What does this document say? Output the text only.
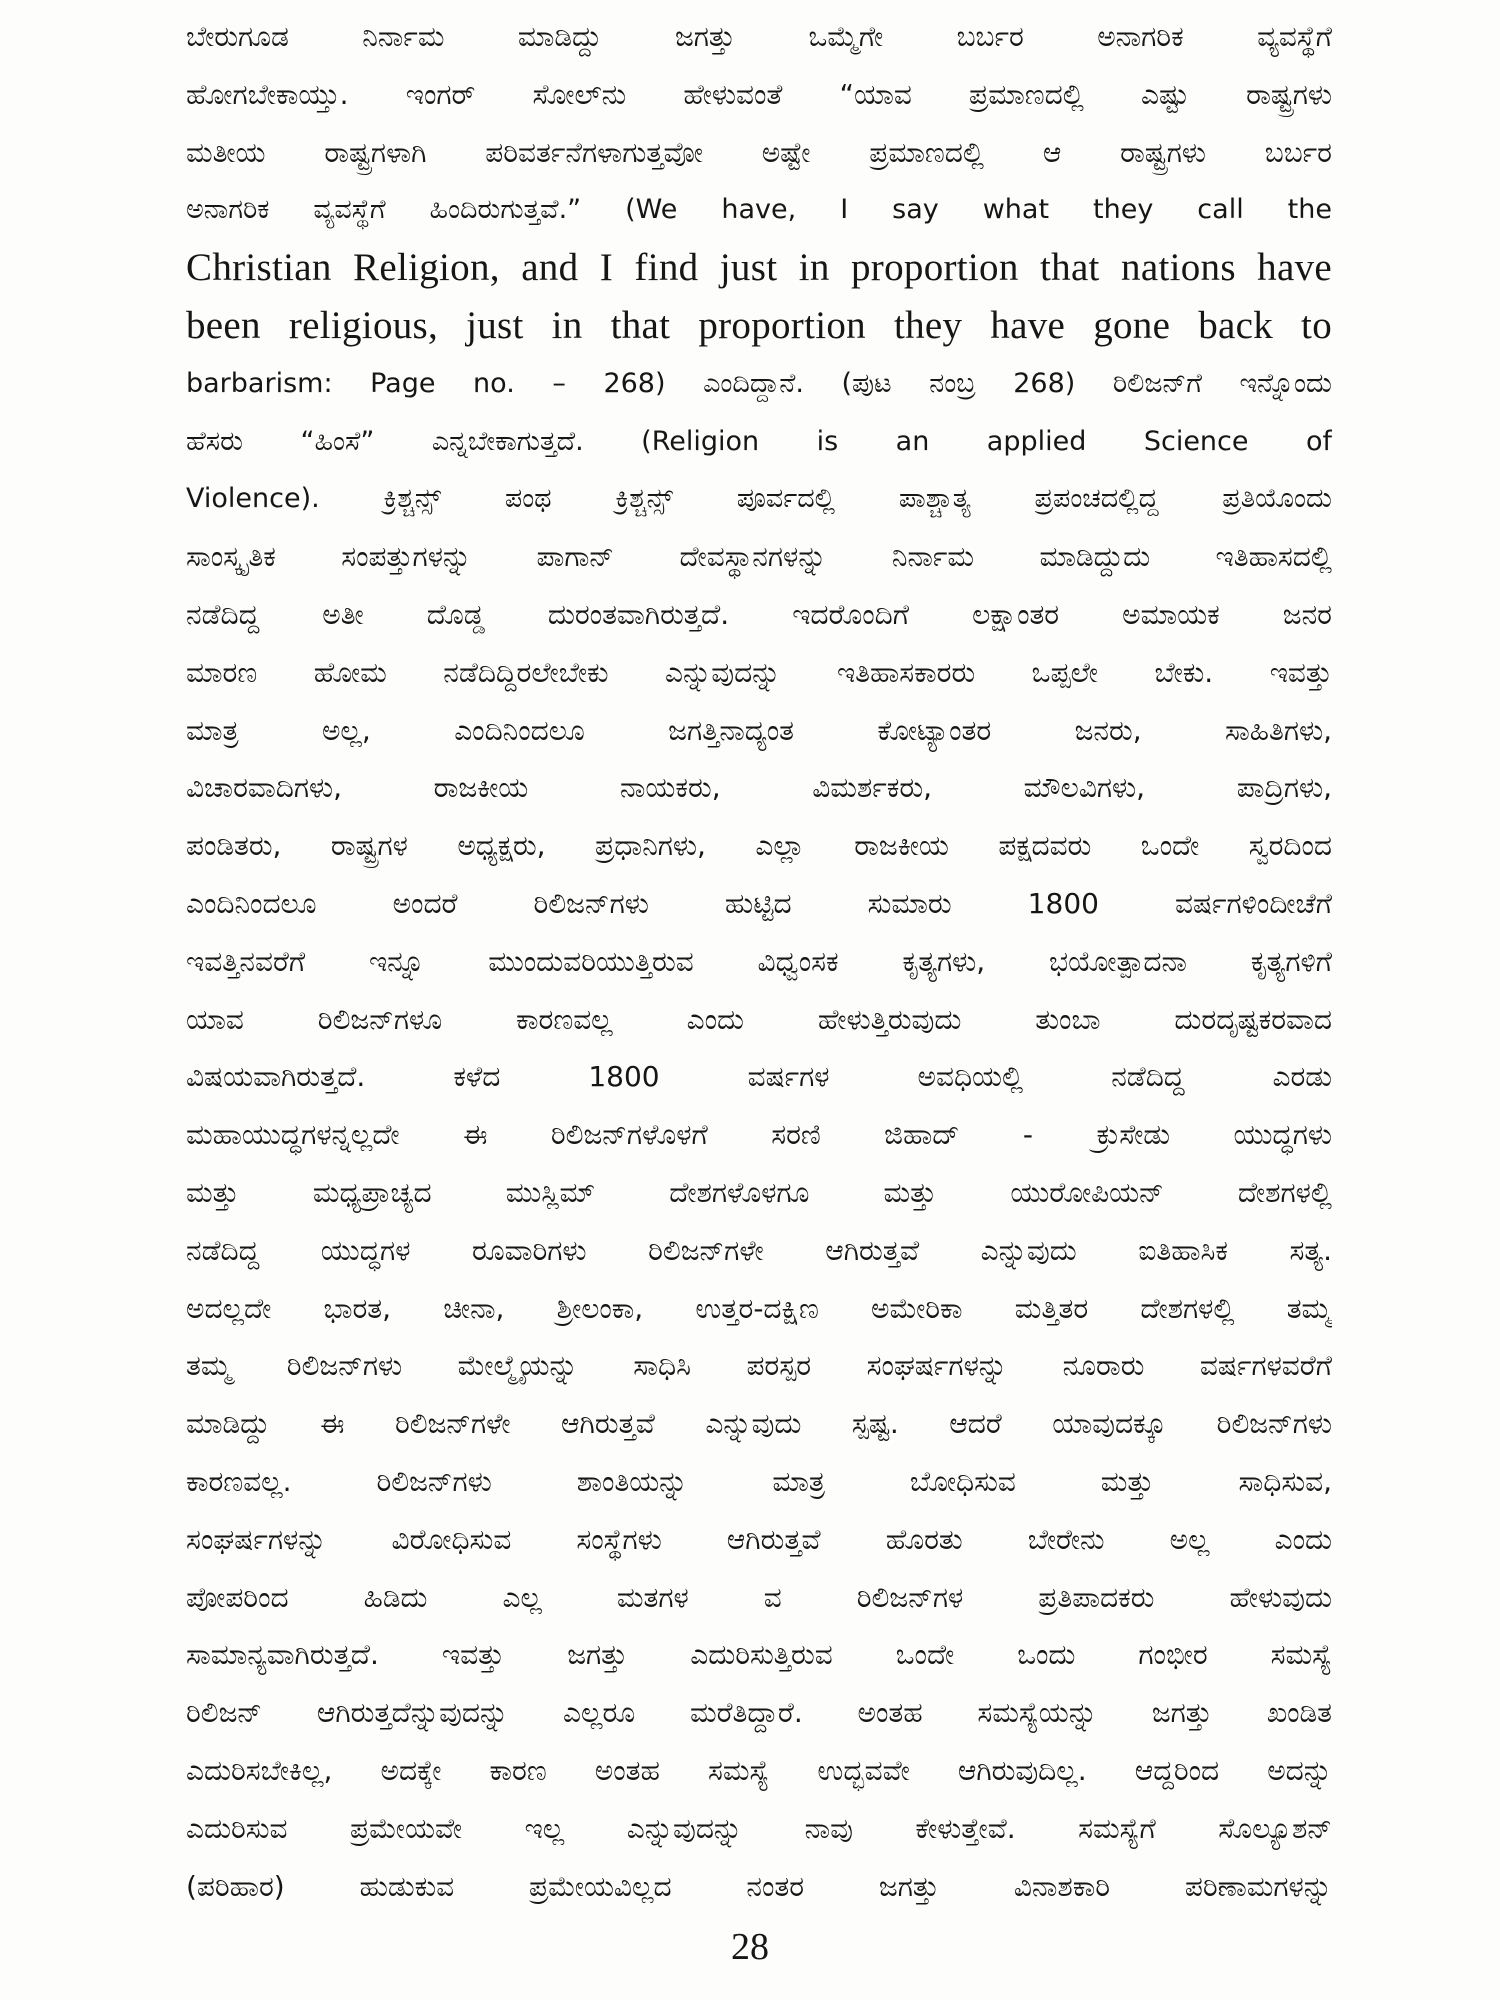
ಬೇರುಗೂಡ ನಿರ್ನಾಮ ಮಾಡಿದ್ದು ಜಗತ್ತು ಒಮ್ಮೆಗೇ ಬರ್ಬರ ಅನಾಗರಿಕ ವ್ಯವಸ್ಥೆಗೆ
ಹೋಗಬೇಕಾಯ್ತು. ಇಂಗರ್ ಸೋಲ್‌ನು ಹೇಳುವಂತೆ “ಯಾವ ಪ್ರಮಾಣದಲ್ಲಿ ಎಷ್ಟು ರಾಷ್ಟ್ರಗಳು
ಮತೀಯ ರಾಷ್ಟ್ರಗಳಾಗಿ ಪರಿವರ್ತನೆಗಳಾಗುತ್ತವೋ ಅಷ್ಟೇ ಪ್ರಮಾಣದಲ್ಲಿ ಆ ರಾಷ್ಟ್ರಗಳು ಬರ್ಬರ
ಅನಾಗರಿಕ ವ್ಯವಸ್ಥೆಗೆ ಹಿಂದಿರುಗುತ್ತವೆ.” (We have, I say what they call the
Christian Religion, and I find just in proportion that nations have
been religious, just in that proportion they have gone back to
barbarism: Page no. – 268) ಎಂದಿದ್ದಾನೆ. (ಪುಟ ನಂಬ್ರ 268) ರಿಲಿಜನ್‌ಗೆ ಇನ್ನೊಂದು
ಹೆಸರು “ಹಿಂಸೆ” ಎನ್ನಬೇಕಾಗುತ್ತದೆ. (Religion is an applied Science of
Violence). ಕ್ರಿಶ್ಚನ್ಸ್ ಪಂಥ ಕ್ರಿಶ್ಚನ್ಸ್ ಪೂರ್ವದಲ್ಲಿ ಪಾಶ್ಚಾತ್ಯ ಪ್ರಪಂಚದಲ್ಲಿದ್ದ ಪ್ರತಿಯೊಂದು
ಸಾಂಸ್ಕೃತಿಕ ಸಂಪತ್ತುಗಳನ್ನು ಪಾಗಾನ್ ದೇವಸ್ಥಾನಗಳನ್ನು ನಿರ್ನಾಮ ಮಾಡಿದ್ದುದು ಇತಿಹಾಸದಲ್ಲಿ
ನಡೆದಿದ್ದ ಅತೀ ದೊಡ್ಡ ದುರಂತವಾಗಿರುತ್ತದೆ. ಇದರೊಂದಿಗೆ ಲಕ್ಷಾಂತರ ಅಮಾಯಕ ಜನರ
ಮಾರಣ ಹೋಮ ನಡೆದಿದ್ದಿರಲೇಬೇಕು ಎನ್ನುವುದನ್ನು ಇತಿಹಾಸಕಾರರು ಒಪ್ಪಲೇ ಬೇಕು. ಇವತ್ತು
ಮಾತ್ರ ಅಲ್ಲ, ಎಂದಿನಿಂದಲೂ ಜಗತ್ತಿನಾದ್ಯಂತ ಕೋಟ್ಯಾಂತರ ಜನರು, ಸಾಹಿತಿಗಳು,
ವಿಚಾರವಾದಿಗಳು, ರಾಜಕೀಯ ನಾಯಕರು, ವಿಮರ್ಶಕರು, ಮೌಲವಿಗಳು, ಪಾದ್ರಿಗಳು,
ಪಂಡಿತರು, ರಾಷ್ಟ್ರಗಳ ಅಧ್ಯಕ್ಷರು, ಪ್ರಧಾನಿಗಳು, ಎಲ್ಲಾ ರಾಜಕೀಯ ಪಕ್ಷದವರು ಒಂದೇ ಸ್ವರದಿಂದ
ಎಂದಿನಿಂದಲೂ ಅಂದರೆ ರಿಲಿಜನ್‌ಗಳು ಹುಟ್ಟಿದ ಸುಮಾರು 1800 ವರ್ಷಗಳಿಂದೀಚೆಗೆ
ಇವತ್ತಿನವರೆಗೆ ಇನ್ನೂ ಮುಂದುವರಿಯುತ್ತಿರುವ ವಿಧ್ವಂಸಕ ಕೃತ್ಯಗಳು, ಭಯೋತ್ಪಾದನಾ ಕೃತ್ಯಗಳಿಗೆ
ಯಾವ ರಿಲಿಜನ್‌ಗಳೂ ಕಾರಣವಲ್ಲ ಎಂದು ಹೇಳುತ್ತಿರುವುದು ತುಂಬಾ ದುರದೃಷ್ಟಕರವಾದ
ವಿಷಯವಾಗಿರುತ್ತದೆ. ಕಳೆದ 1800 ವರ್ಷಗಳ ಅವಧಿಯಲ್ಲಿ ನಡೆದಿದ್ದ ಎರಡು
ಮಹಾಯುದ್ಧಗಳನ್ನಲ್ಲದೇ ಈ ರಿಲಿಜನ್‌ಗಳೊಳಗೆ ಸರಣಿ ಜಿಹಾದ್ - ಕ್ರುಸೇಡು ಯುದ್ಧಗಳು
ಮತ್ತು ಮಧ್ಯಪ್ರಾಚ್ಯದ ಮುಸ್ಲಿಮ್ ದೇಶಗಳೊಳಗೂ ಮತ್ತು ಯುರೋಪಿಯನ್ ದೇಶಗಳಲ್ಲಿ
ನಡೆದಿದ್ದ ಯುದ್ಧಗಳ ರೂವಾರಿಗಳು ರಿಲಿಜನ್‌ಗಳೇ ಆಗಿರುತ್ತವೆ ಎನ್ನುವುದು ಐತಿಹಾಸಿಕ ಸತ್ಯ.
ಅದಲ್ಲದೇ ಭಾರತ, ಚೀನಾ, ಶ್ರೀಲಂಕಾ, ಉತ್ತರ-ದಕ್ಷಿಣ ಅಮೇರಿಕಾ ಮತ್ತಿತರ ದೇಶಗಳಲ್ಲಿ ತಮ್ಮ
ತಮ್ಮ ರಿಲಿಜನ್‌ಗಳು ಮೇಲ್ಮೈಯನ್ನು ಸಾಧಿಸಿ ಪರಸ್ಪರ ಸಂಘರ್ಷಗಳನ್ನು ನೂರಾರು ವರ್ಷಗಳವರೆಗೆ
ಮಾಡಿದ್ದು ಈ ರಿಲಿಜನ್‌ಗಳೇ ಆಗಿರುತ್ತವೆ ಎನ್ನುವುದು ಸ್ಪಷ್ಟ. ಆದರೆ ಯಾವುದಕ್ಕೂ ರಿಲಿಜನ್‌ಗಳು
ಕಾರಣವಲ್ಲ. ರಿಲಿಜನ್‌ಗಳು ಶಾಂತಿಯನ್ನು ಮಾತ್ರ ಬೋಧಿಸುವ ಮತ್ತು ಸಾಧಿಸುವ,
ಸಂಘರ್ಷಗಳನ್ನು ವಿರೋಧಿಸುವ ಸಂಸ್ಥೆಗಳು ಆಗಿರುತ್ತವೆ ಹೊರತು ಬೇರೇನು ಅಲ್ಲ ಎಂದು
ಪೋಪರಿಂದ ಹಿಡಿದು ಎಲ್ಲ ಮತಗಳ ವ ರಿಲಿಜನ್‌ಗಳ ಪ್ರತಿಪಾದಕರು ಹೇಳುವುದು
ಸಾಮಾನ್ಯವಾಗಿರುತ್ತದೆ. ಇವತ್ತು ಜಗತ್ತು ಎದುರಿಸುತ್ತಿರುವ ಒಂದೇ ಒಂದು ಗಂಭೀರ ಸಮಸ್ಯೆ
ರಿಲಿಜನ್ ಆಗಿರುತ್ತದೆನ್ನುವುದನ್ನು ಎಲ್ಲರೂ ಮರೆತಿದ್ದಾರೆ. ಅಂತಹ ಸಮಸ್ಯೆಯನ್ನು ಜಗತ್ತು ಖಂಡಿತ
ಎದುರಿಸಬೇಕಿಲ್ಲ, ಅದಕ್ಕೇ ಕಾರಣ ಅಂತಹ ಸಮಸ್ಯೆ ಉದ್ಭವವೇ ಆಗಿರುವುದಿಲ್ಲ. ಆದ್ದರಿಂದ ಅದನ್ನು
ಎದುರಿಸುವ ಪ್ರಮೇಯವೇ ಇಲ್ಲ ಎನ್ನುವುದನ್ನು ನಾವು ಕೇಳುತ್ತೇವೆ. ಸಮಸ್ಯೆಗೆ ಸೊಲ್ಯೂಶನ್
(ಪರಿಹಾರ) ಹುಡುಕುವ ಪ್ರಮೇಯವಿಲ್ಲದ ನಂತರ ಜಗತ್ತು ವಿನಾಶಕಾರಿ ಪರಿಣಾಮಗಳನ್ನು
28
